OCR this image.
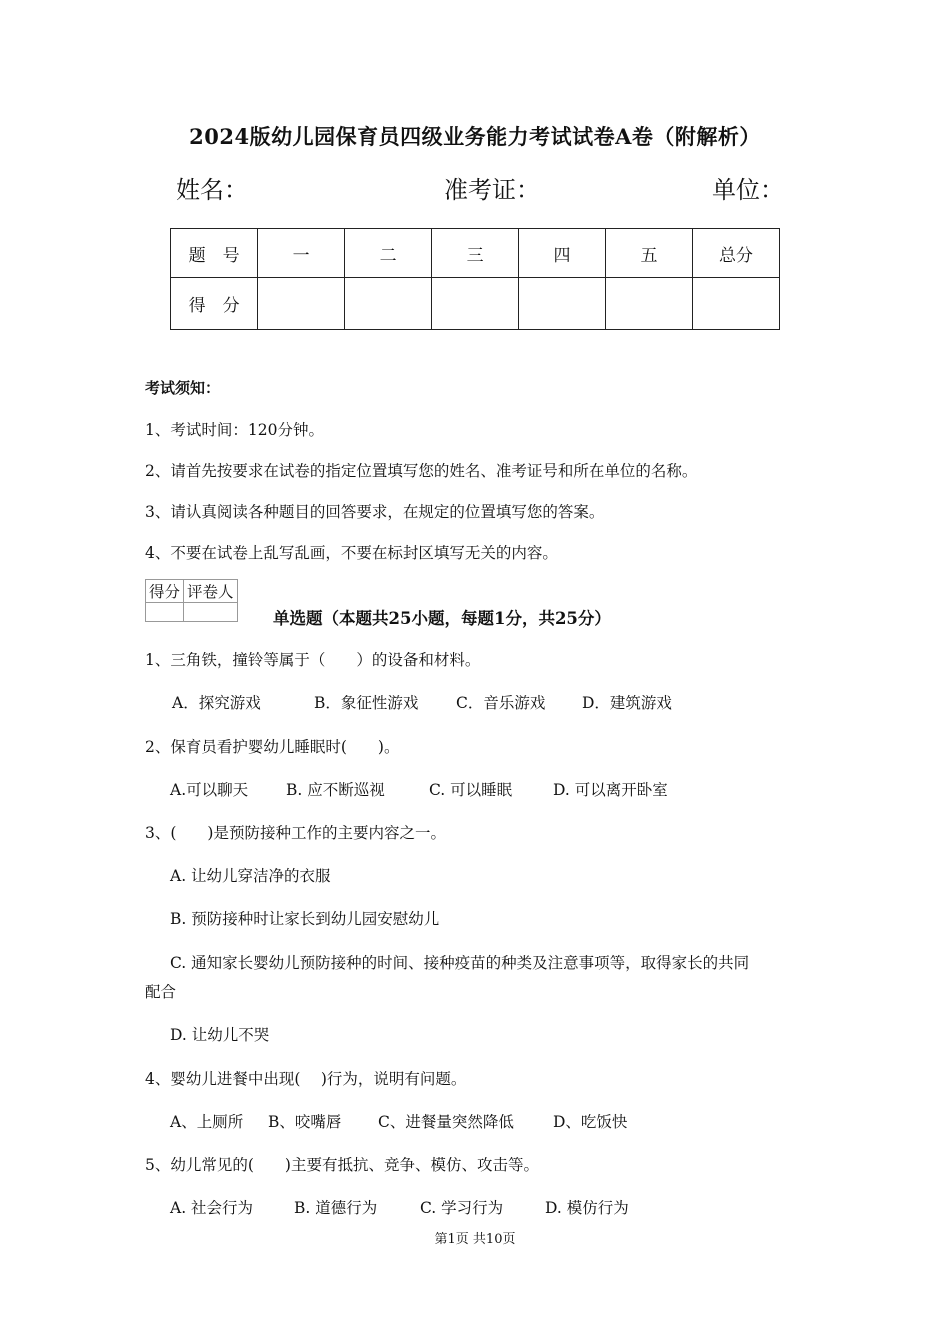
2024版幼儿园保育员四级业务能力考试试卷A卷（附解析）
姓名：	准考证：	单位：
题　号	一	二	三	四	五	总分
得　分						
考试须知：
1、考试时间：120分钟。
2、请首先按要求在试卷的指定位置填写您的姓名、准考证号和所在单位的名称。
3、请认真阅读各种题目的回答要求，在规定的位置填写您的答案。
4、不要在试卷上乱写乱画，不要在标封区填写无关的内容。
得分	评卷人

单选题（本题共25小题，每题1分，共25分）
1、三角铁，撞铃等属于（　　）的设备和材料。
A．探究游戏	B．象征性游戏 C．音乐游戏 D．建筑游戏
2、保育员看护婴幼儿睡眠时(　　)。
A.可以聊天 B. 应不断巡视	C. 可以睡眠	D. 可以离开卧室
3、(　　)是预防接种工作的主要内容之一。
A. 让幼儿穿洁净的衣服
B. 预防接种时让家长到幼儿园安慰幼儿
C. 通知家长婴幼儿预防接种的时间、接种疫苗的种类及注意事项等，取得家长的共同
配合
D. 让幼儿不哭
4、婴幼儿进餐中出现(　 )行为，说明有问题。
A、上厕所 B、咬嘴唇 C、进餐量突然降低	D、吃饭快
5、幼儿常见的(　　)主要有抵抗、竞争、模仿、攻击等。
A. 社会行为	B. 道德行为	C. 学习行为	D. 模仿行为
第1页 共10页
